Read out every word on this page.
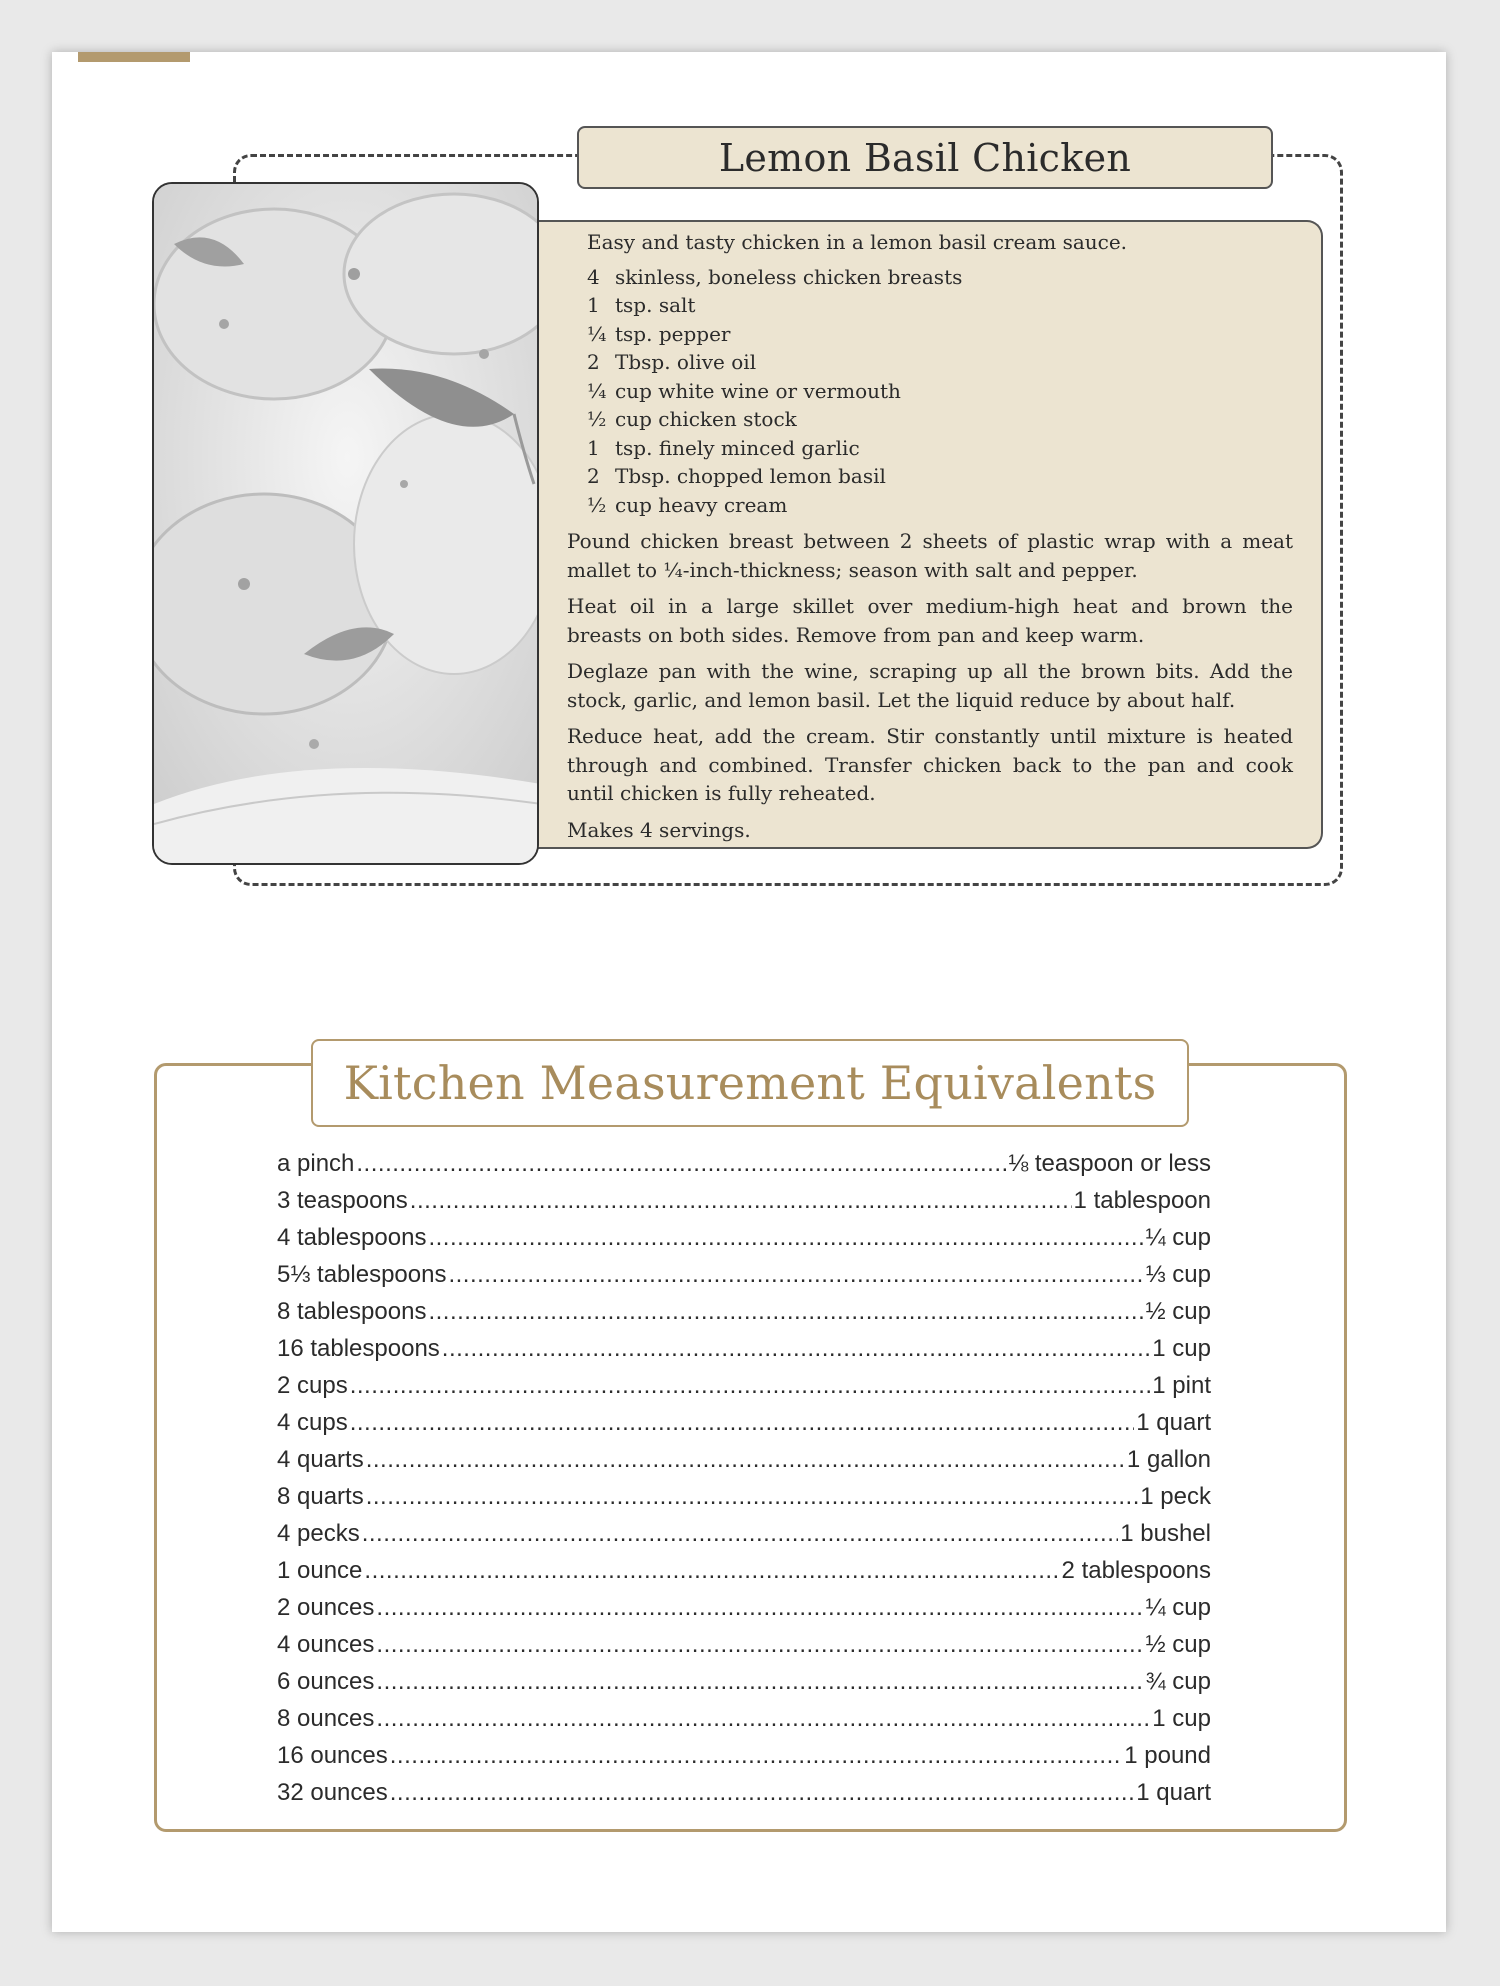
Lemon Basil Chicken

Easy and tasty chicken in a lemon basil cream sauce.

4 skinless, boneless chicken breasts
1 tsp. salt
¼ tsp. pepper
2 Tbsp. olive oil
¼ cup white wine or vermouth
½ cup chicken stock
1 tsp. finely minced garlic
2 Tbsp. chopped lemon basil
½ cup heavy cream
Pound chicken breast between 2 sheets of plastic wrap with a meat mallet to ¼-inch-thickness; season with salt and pepper.
Heat oil in a large skillet over medium-high heat and brown the breasts on both sides. Remove from pan and keep warm.
Deglaze pan with the wine, scraping up all the brown bits. Add the stock, garlic, and lemon basil. Let the liquid reduce by about half.
Reduce heat, add the cream. Stir constantly until mixture is heated through and combined. Transfer chicken back to the pan and cook until chicken is fully reheated.
Makes 4 servings.
Kitchen Measurement Equivalents
a pinch .....	⅛ teaspoon or less
3 teaspoons .....	1 tablespoon
4 tablespoons .....	¼ cup
5⅓ tablespoons .....	⅓ cup
8 tablespoons .....	½ cup
16 tablespoons .....	1 cup
2 cups .....	1 pint
4 cups .....	1 quart
4 quarts .....	1 gallon
8 quarts .....	1 peck
4 pecks .....	1 bushel
1 ounce .....	2 tablespoons
2 ounces .....	¼ cup
4 ounces .....	½ cup
6 ounces .....	¾ cup
8 ounces .....	1 cup
16 ounces .....	1 pound
32 ounces .....	1 quart
